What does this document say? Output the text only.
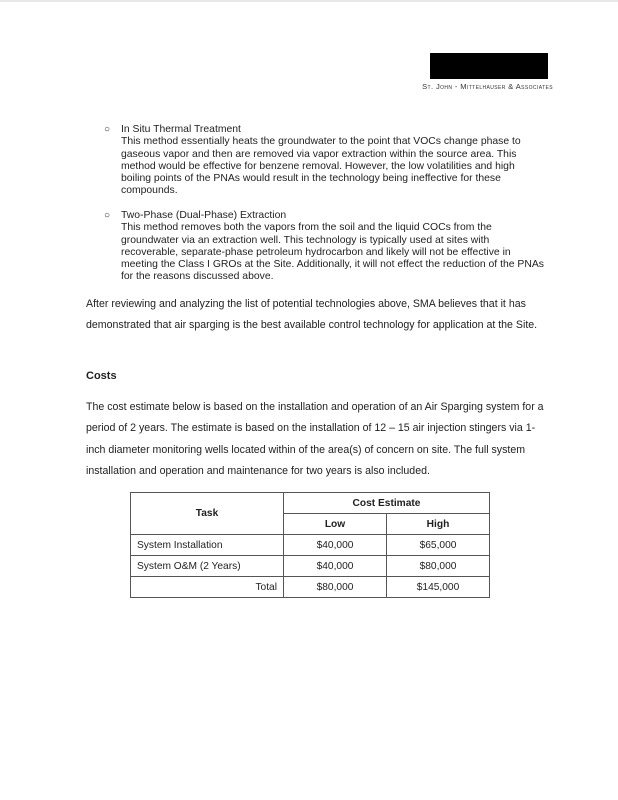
St. John - Mittelhauser & Associates
○ In Situ Thermal Treatment
This method essentially heats the groundwater to the point that VOCs change phase to gaseous vapor and then are removed via vapor extraction within the source area. This method would be effective for benzene removal. However, the low volatilities and high boiling points of the PNAs would result in the technology being ineffective for these compounds.
○ Two-Phase (Dual-Phase) Extraction
This method removes both the vapors from the soil and the liquid COCs from the groundwater via an extraction well. This technology is typically used at sites with recoverable, separate-phase petroleum hydrocarbon and likely will not be effective in meeting the Class I GROs at the Site. Additionally, it will not effect the reduction of the PNAs for the reasons discussed above.
After reviewing and analyzing the list of potential technologies above, SMA believes that it has demonstrated that air sparging is the best available control technology for application at the Site.
Costs
The cost estimate below is based on the installation and operation of an Air Sparging system for a period of 2 years. The estimate is based on the installation of 12 – 15 air injection stingers via 1-inch diameter monitoring wells located within of the area(s) of concern on site. The full system installation and operation and maintenance for two years is also included.
Task	Cost Estimate	
	Low	High
System Installation	$40,000	$65,000
System O&M (2 Years)	$40,000	$80,000
Total	$80,000	$145,000
